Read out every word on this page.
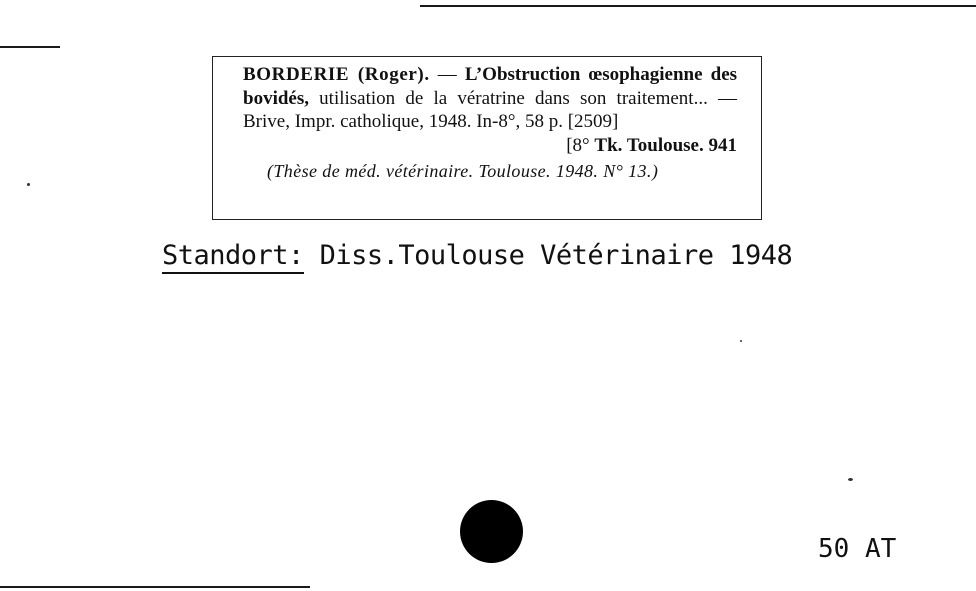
BORDERIE (Roger). — L’Obstruction œsophagienne des bovidés, utilisation de la vératrine dans son traitement... — Brive, Impr. catholique, 1948. In-8°, 58 p. [2509]
[8° Tk. Toulouse. 941

(Thèse de méd. vétérinaire. Toulouse. 1948. N° 13.)

Standort: Diss.Toulouse Vétérinaire 1948
50 AT
